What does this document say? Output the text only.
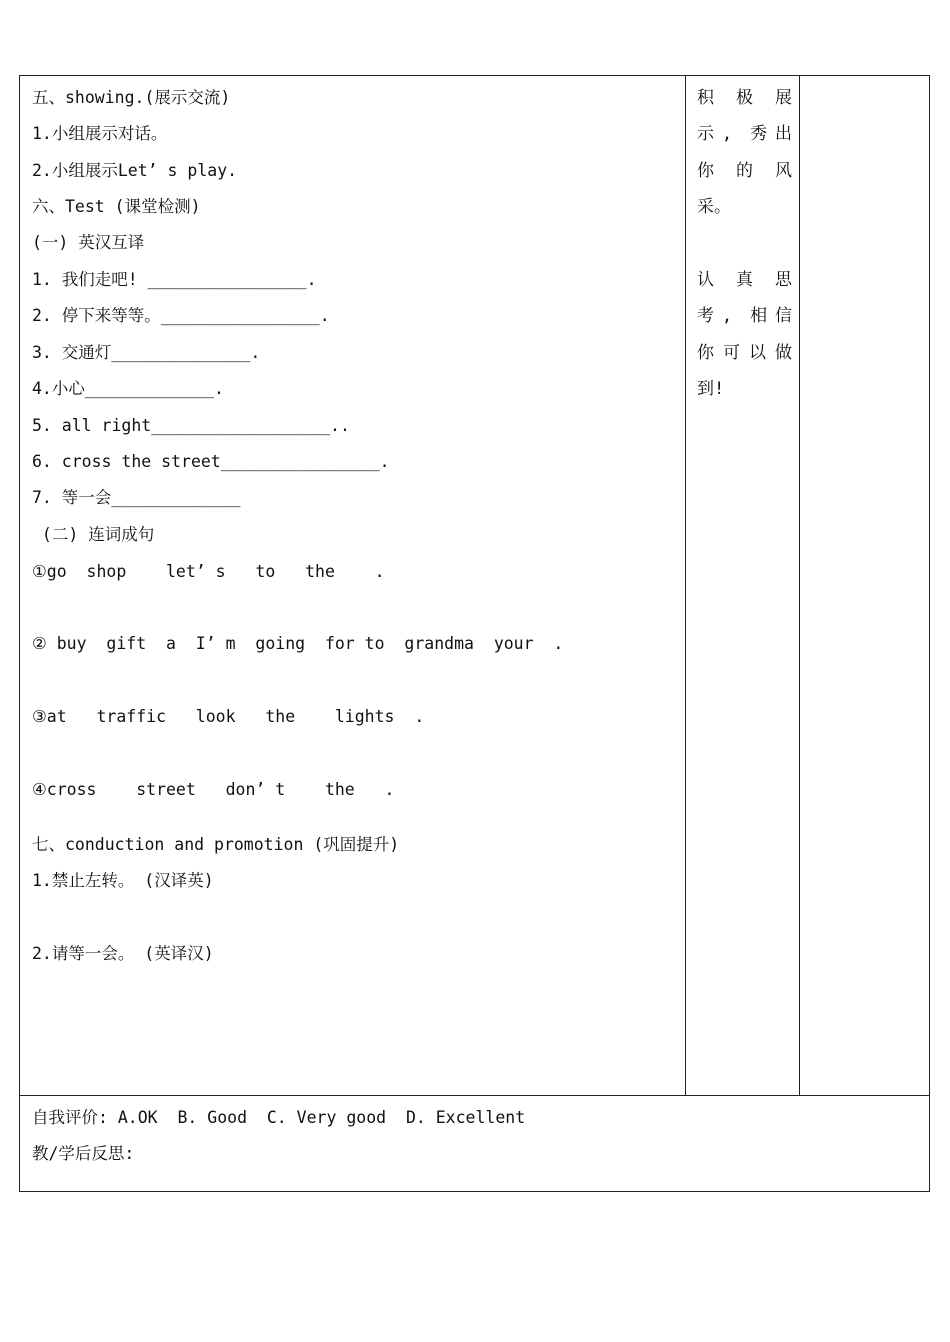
五、showing.(展示交流)
1.小组展示对话。
2.小组展示Let’ s play.
六、Test (课堂检测)
(一) 英汉互译
1. 我们走吧! ________________.
2. 停下来等等。________________.
3. 交通灯______________.
4.小心_____________.
5. all right__________________..
6. cross the street________________.
7. 等一会_____________
(二) 连词成句
①go  shop    let’ s   to   the    .
② buy  gift  a  I’ m  going  for to  grandma  your  .
③at   traffic   look   the    lights  .
④cross    street   don’ t    the   .
七、conduction and promotion (巩固提升)
1.禁止左转。 (汉译英)
2.请等一会。 (英译汉)
积 极 展
示, 秀出
你 的 风
采。
认 真 思
考, 相信
你可以做
到!
自我评价: A.OK  B. Good  C. Very good  D. Excellent
教/学后反思:
